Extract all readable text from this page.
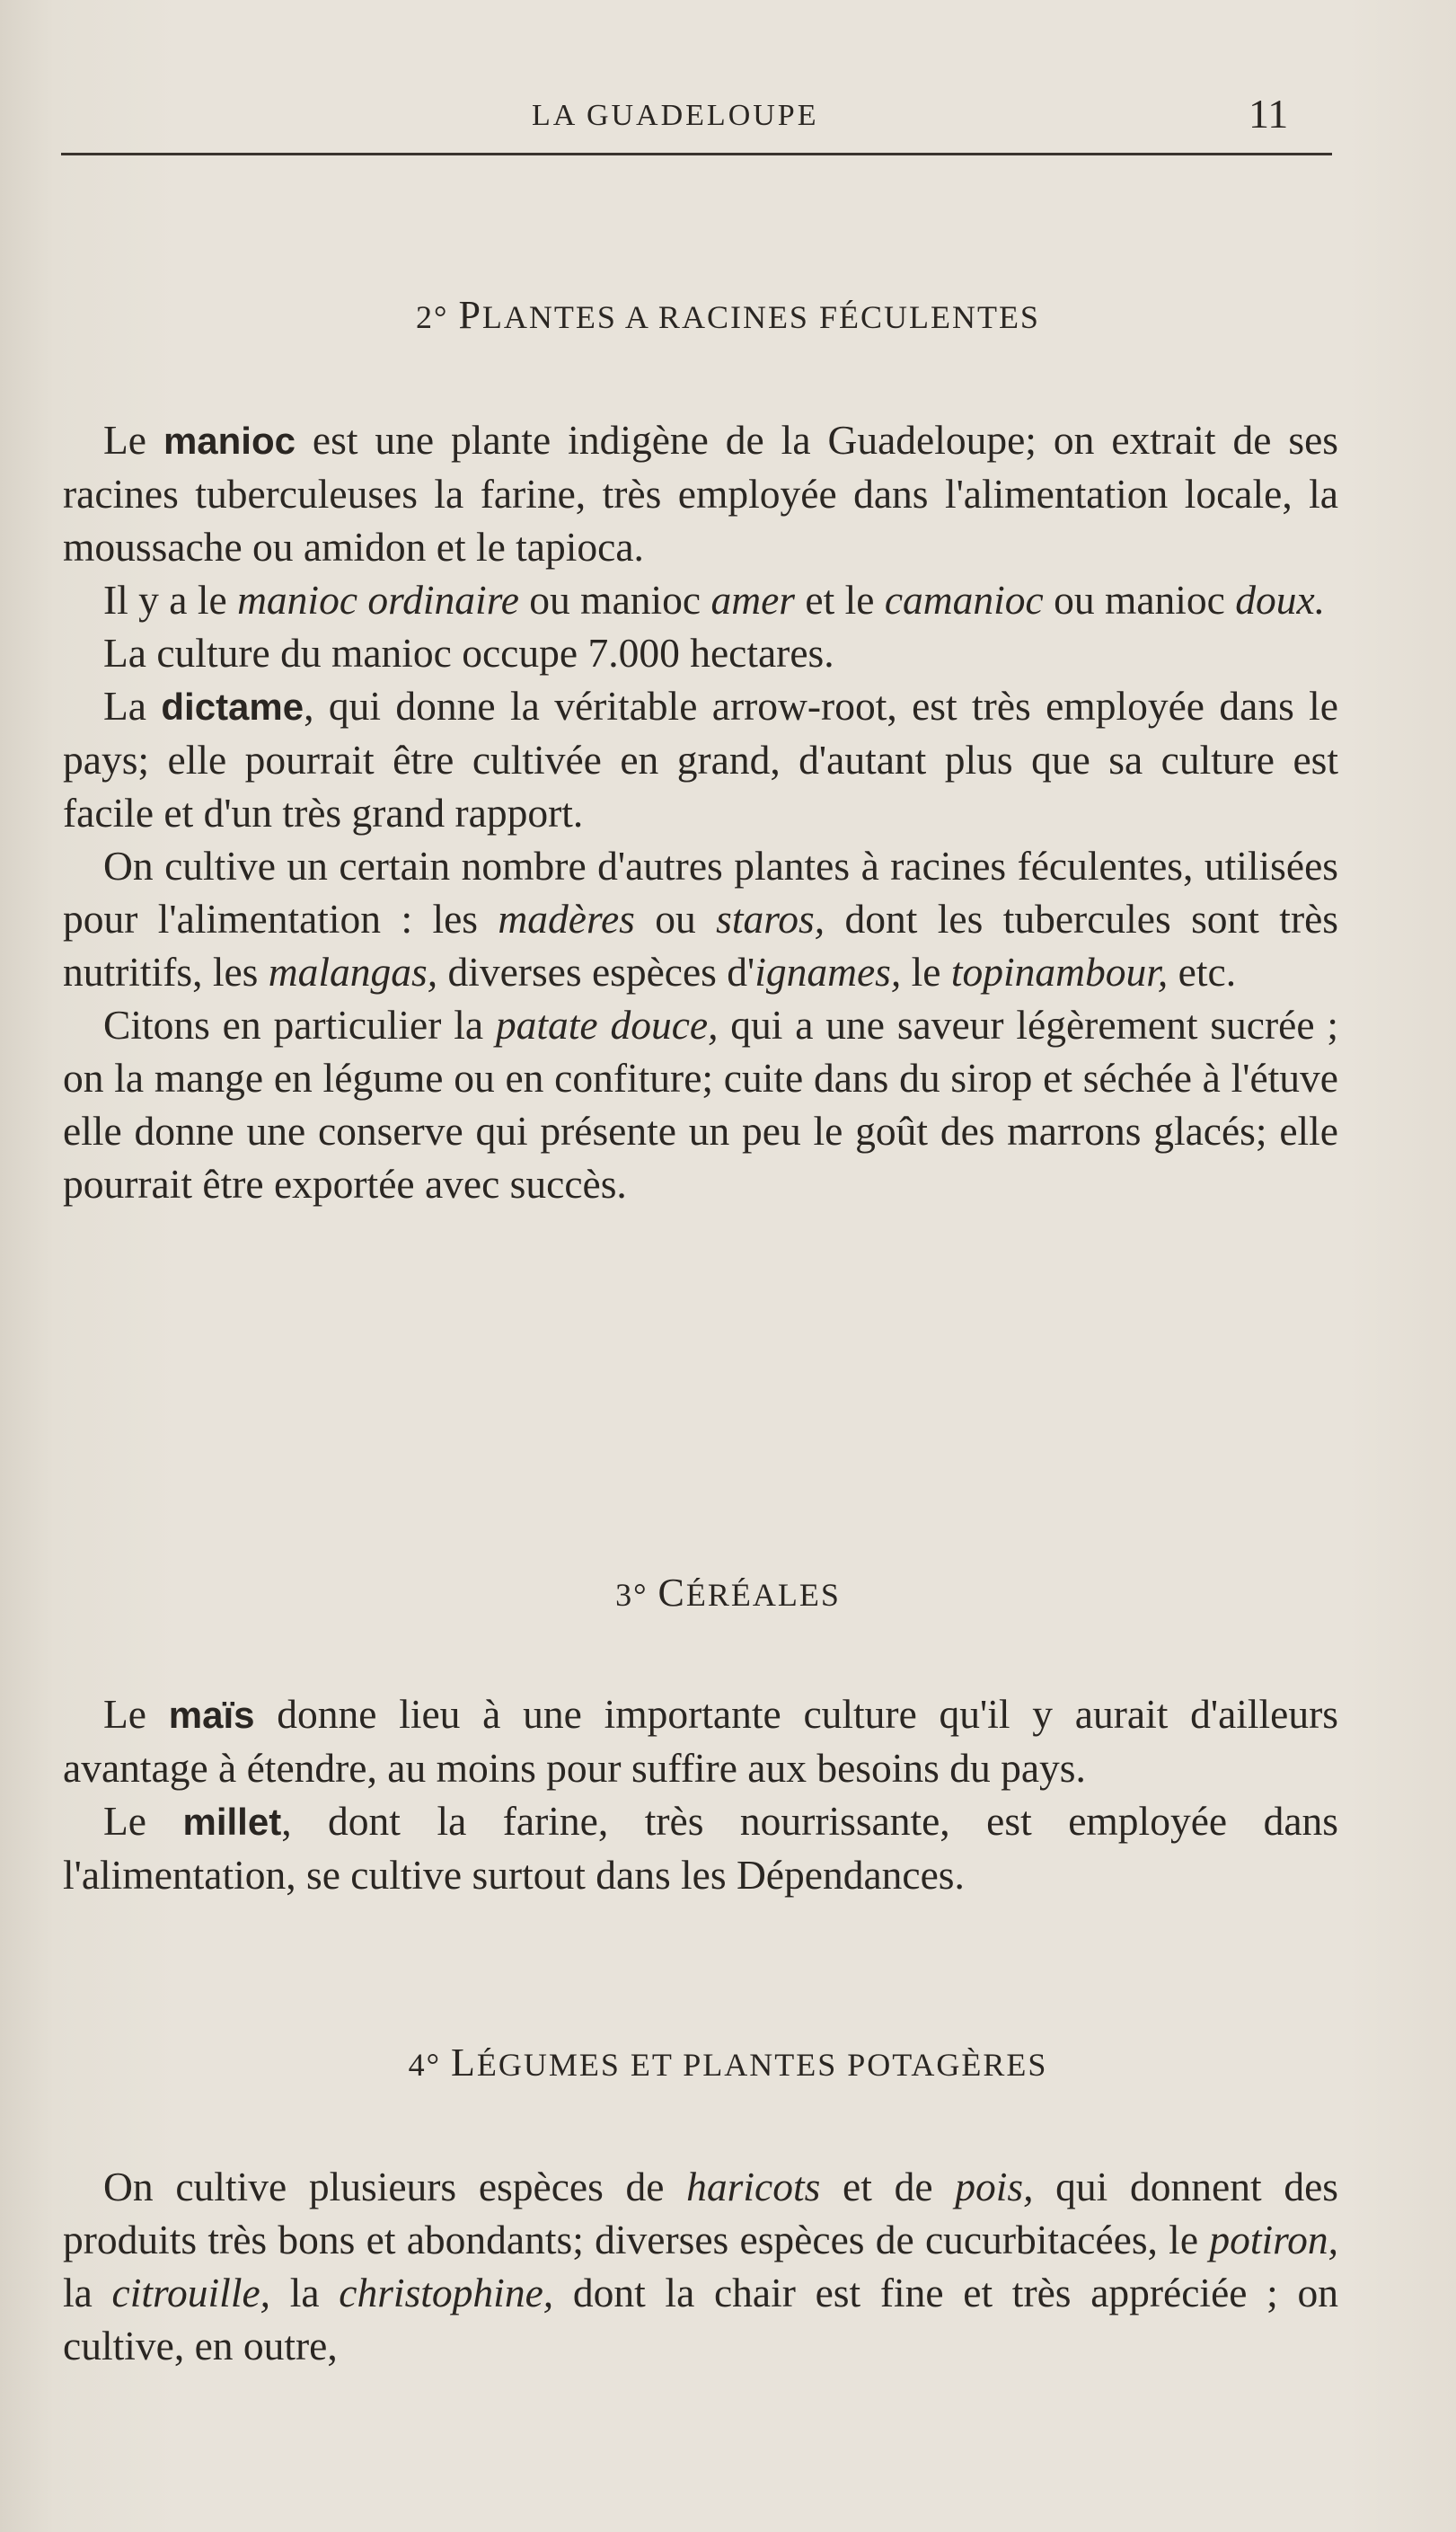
LA GUADELOUPE	11
2° PLANTES A RACINES FÉCULENTES

Le manioc est une plante indigène de la Guadeloupe; on extrait de ses racines tuberculeuses la farine, très employée dans l'alimentation locale, la moussache ou amidon et le tapioca.

Il y a le manioc ordinaire ou manioc amer et le camanioc ou manioc doux.

La culture du manioc occupe 7.000 hectares.

La dictame, qui donne la véritable arrow-root, est très employée dans le pays; elle pourrait être cultivée en grand, d'autant plus que sa culture est facile et d'un très grand rapport.

On cultive un certain nombre d'autres plantes à racines féculentes, utilisées pour l'alimentation : les madères ou staros, dont les tubercules sont très nutritifs, les malangas, diverses espèces d'ignames, le topinambour, etc.

Citons en particulier la patate douce, qui a une saveur légèrement sucrée ; on la mange en légume ou en confiture; cuite dans du sirop et séchée à l'étuve elle donne une conserve qui présente un peu le goût des marrons glacés; elle pourrait être exportée avec succès.

3° CÉRÉALES

Le maïs donne lieu à une importante culture qu'il y aurait d'ailleurs avantage à étendre, au moins pour suffire aux besoins du pays.

Le millet, dont la farine, très nourrissante, est employée dans l'alimentation, se cultive surtout dans les Dépendances.

4° LÉGUMES ET PLANTES POTAGÈRES

On cultive plusieurs espèces de haricots et de pois, qui donnent des produits très bons et abondants; diverses espèces de cucurbitacées, le potiron, la citrouille, la christophine, dont la chair est fine et très appréciée ; on cultive, en outre,
